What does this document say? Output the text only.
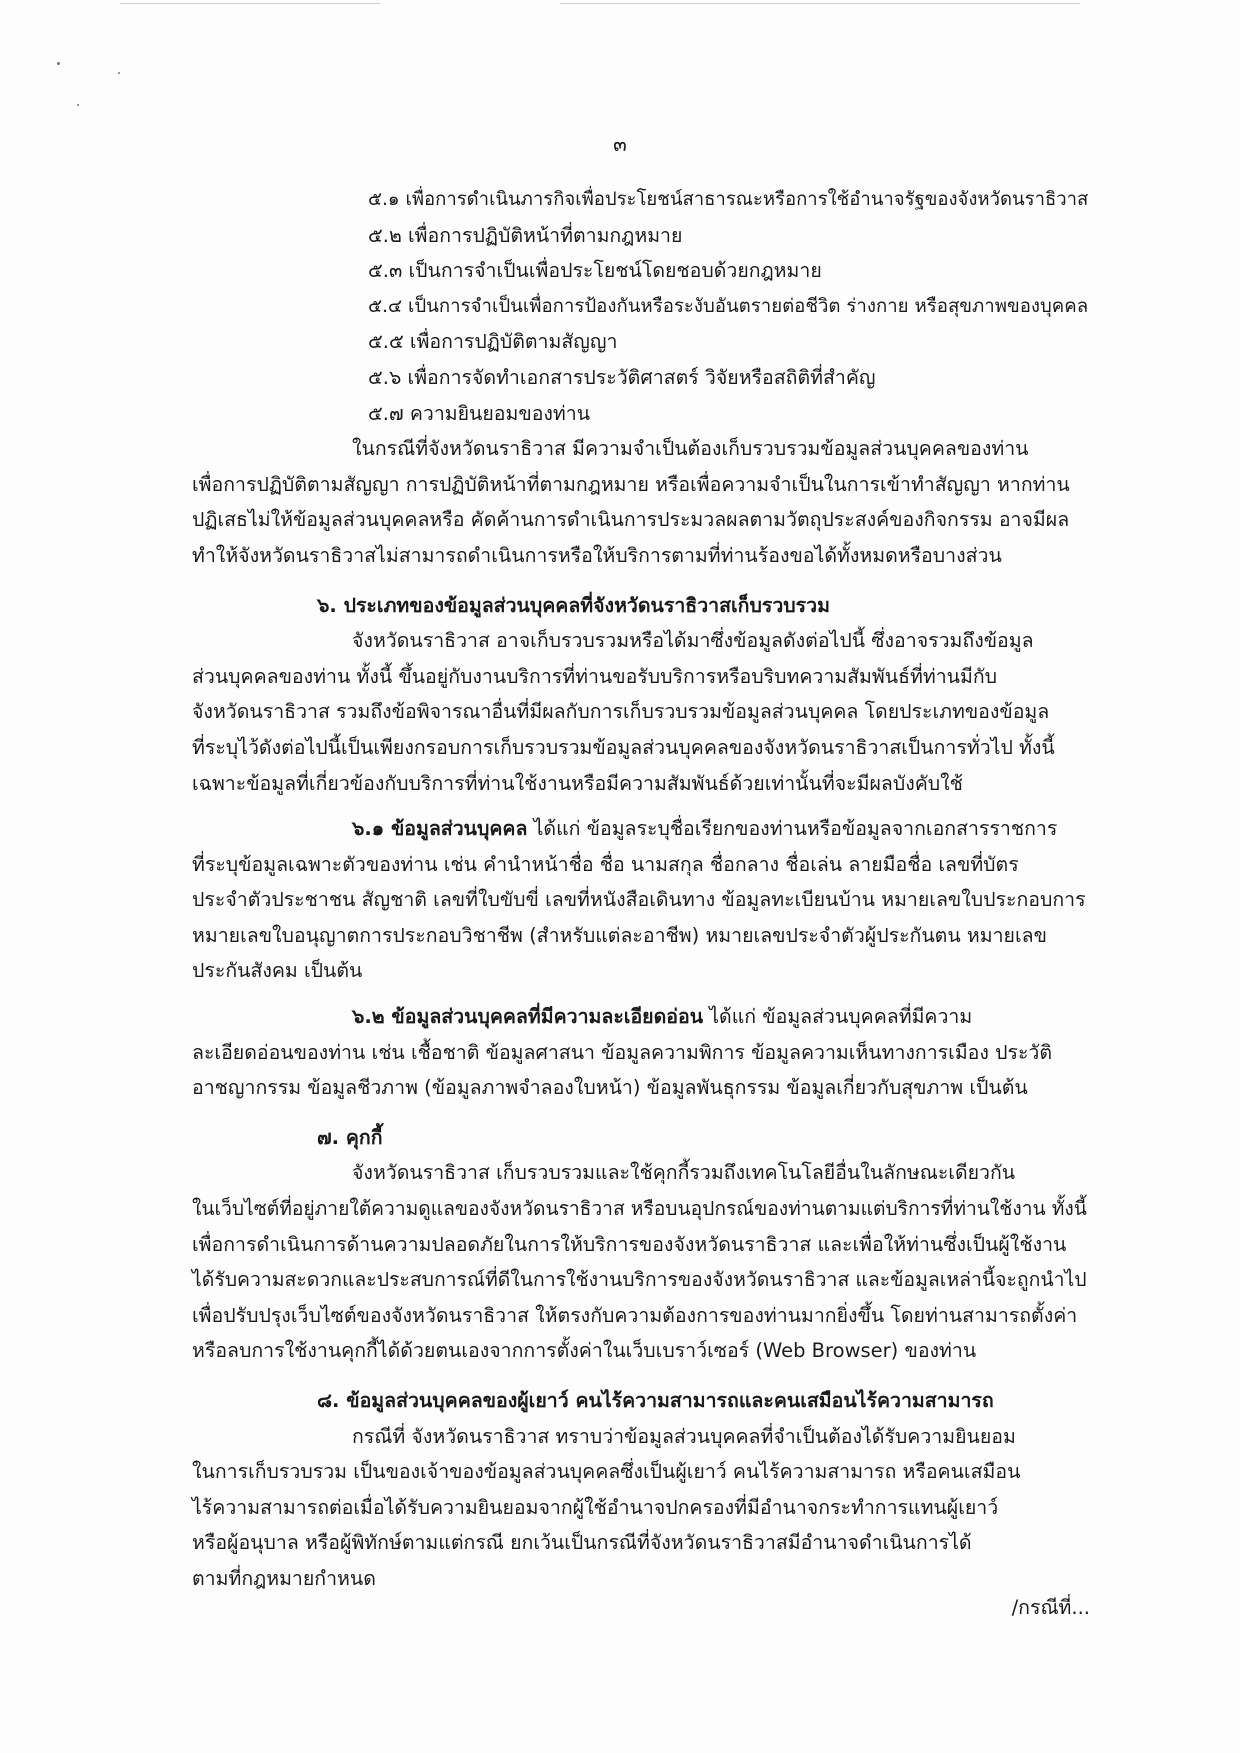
๓
๕.๑ เพื่อการดำเนินภารกิจเพื่อประโยชน์สาธารณะหรือการใช้อำนาจรัฐของจังหวัดนราธิวาส
๕.๒ เพื่อการปฏิบัติหน้าที่ตามกฎหมาย
๕.๓ เป็นการจำเป็นเพื่อประโยชน์โดยชอบด้วยกฎหมาย
๕.๔ เป็นการจำเป็นเพื่อการป้องกันหรือระงับอันตรายต่อชีวิต ร่างกาย หรือสุขภาพของบุคคล
๕.๕ เพื่อการปฏิบัติตามสัญญา
๕.๖ เพื่อการจัดทำเอกสารประวัติศาสตร์ วิจัยหรือสถิติที่สำคัญ
๕.๗ ความยินยอมของท่าน
ในกรณีที่จังหวัดนราธิวาส มีความจำเป็นต้องเก็บรวบรวมข้อมูลส่วนบุคคลของท่าน
เพื่อการปฏิบัติตามสัญญา การปฏิบัติหน้าที่ตามกฎหมาย หรือเพื่อความจำเป็นในการเข้าทำสัญญา หากท่าน
ปฏิเสธไม่ให้ข้อมูลส่วนบุคคลหรือ คัดค้านการดำเนินการประมวลผลตามวัตถุประสงค์ของกิจกรรม อาจมีผล
ทำให้จังหวัดนราธิวาสไม่สามารถดำเนินการหรือให้บริการตามที่ท่านร้องขอได้ทั้งหมดหรือบางส่วน
๖. ประเภทของข้อมูลส่วนบุคคลที่จังหวัดนราธิวาสเก็บรวบรวม
จังหวัดนราธิวาส อาจเก็บรวบรวมหรือได้มาซึ่งข้อมูลดังต่อไปนี้ ซึ่งอาจรวมถึงข้อมูล
ส่วนบุคคลของท่าน ทั้งนี้ ขึ้นอยู่กับงานบริการที่ท่านขอรับบริการหรือบริบทความสัมพันธ์ที่ท่านมีกับ
จังหวัดนราธิวาส รวมถึงข้อพิจารณาอื่นที่มีผลกับการเก็บรวบรวมข้อมูลส่วนบุคคล โดยประเภทของข้อมูล
ที่ระบุไว้ดังต่อไปนี้เป็นเพียงกรอบการเก็บรวบรวมข้อมูลส่วนบุคคลของจังหวัดนราธิวาสเป็นการทั่วไป ทั้งนี้
เฉพาะข้อมูลที่เกี่ยวข้องกับบริการที่ท่านใช้งานหรือมีความสัมพันธ์ด้วยเท่านั้นที่จะมีผลบังคับใช้
๖.๑ ข้อมูลส่วนบุคคล ได้แก่ ข้อมูลระบุชื่อเรียกของท่านหรือข้อมูลจากเอกสารราชการ
ที่ระบุข้อมูลเฉพาะตัวของท่าน เช่น คำนำหน้าชื่อ ชื่อ นามสกุล ชื่อกลาง ชื่อเล่น ลายมือชื่อ เลขที่บัตร
ประจำตัวประชาชน สัญชาติ เลขที่ใบขับขี่ เลขที่หนังสือเดินทาง ข้อมูลทะเบียนบ้าน หมายเลขใบประกอบการ
หมายเลขใบอนุญาตการประกอบวิชาชีพ (สำหรับแต่ละอาชีพ) หมายเลขประจำตัวผู้ประกันตน หมายเลข
ประกันสังคม เป็นต้น
๖.๒ ข้อมูลส่วนบุคคลที่มีความละเอียดอ่อน ได้แก่ ข้อมูลส่วนบุคคลที่มีความ
ละเอียดอ่อนของท่าน เช่น เชื้อชาติ ข้อมูลศาสนา ข้อมูลความพิการ ข้อมูลความเห็นทางการเมือง ประวัติ
อาชญากรรม ข้อมูลชีวภาพ (ข้อมูลภาพจำลองใบหน้า) ข้อมูลพันธุกรรม ข้อมูลเกี่ยวกับสุขภาพ เป็นต้น
๗. คุกกี้
จังหวัดนราธิวาส เก็บรวบรวมและใช้คุกกี้รวมถึงเทคโนโลยีอื่นในลักษณะเดียวกัน
ในเว็บไซต์ที่อยู่ภายใต้ความดูแลของจังหวัดนราธิวาส หรือบนอุปกรณ์ของท่านตามแต่บริการที่ท่านใช้งาน ทั้งนี้
เพื่อการดำเนินการด้านความปลอดภัยในการให้บริการของจังหวัดนราธิวาส และเพื่อให้ท่านซึ่งเป็นผู้ใช้งาน
ได้รับความสะดวกและประสบการณ์ที่ดีในการใช้งานบริการของจังหวัดนราธิวาส และข้อมูลเหล่านี้จะถูกนำไป
เพื่อปรับปรุงเว็บไซต์ของจังหวัดนราธิวาส ให้ตรงกับความต้องการของท่านมากยิ่งขึ้น โดยท่านสามารถตั้งค่า
หรือลบการใช้งานคุกกี้ได้ด้วยตนเองจากการตั้งค่าในเว็บเบราว์เซอร์ (Web Browser) ของท่าน
๘. ข้อมูลส่วนบุคคลของผู้เยาว์ คนไร้ความสามารถและคนเสมือนไร้ความสามารถ
กรณีที่ จังหวัดนราธิวาส ทราบว่าข้อมูลส่วนบุคคลที่จำเป็นต้องได้รับความยินยอม
ในการเก็บรวบรวม เป็นของเจ้าของข้อมูลส่วนบุคคลซึ่งเป็นผู้เยาว์ คนไร้ความสามารถ หรือคนเสมือน
ไร้ความสามารถต่อเมื่อได้รับความยินยอมจากผู้ใช้อำนาจปกครองที่มีอำนาจกระทำการแทนผู้เยาว์
หรือผู้อนุบาล หรือผู้พิทักษ์ตามแต่กรณี ยกเว้นเป็นกรณีที่จังหวัดนราธิวาสมีอำนาจดำเนินการได้
ตามที่กฎหมายกำหนด
/กรณีที่...
